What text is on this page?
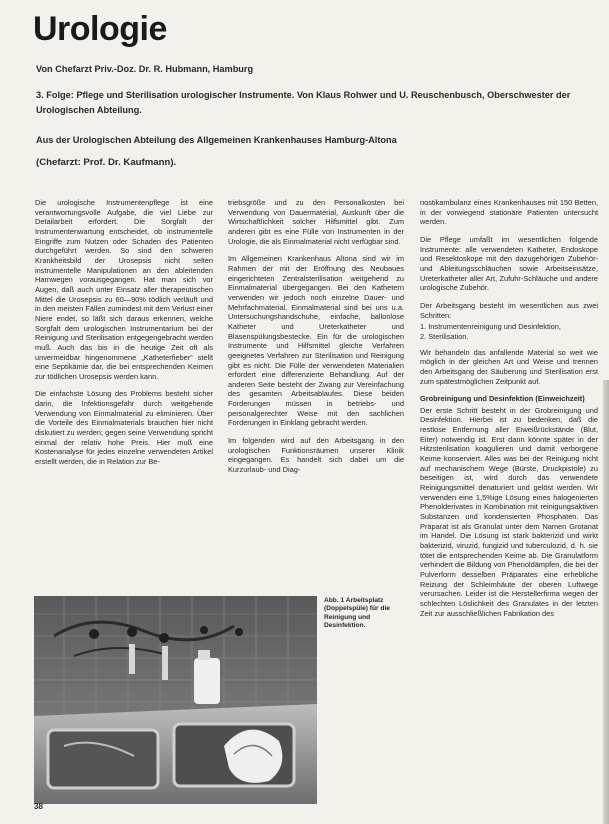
Urologie

Von Chefarzt Priv.-Doz. Dr. R. Hubmann, Hamburg

3. Folge: Pflege und Sterilisation urologischer Instrumente. Von Klaus Rohwer und U. Reuschenbusch, Oberschwester der Urologischen Abteilung.

Aus der Urologischen Abteilung des Allgemeinen Krankenhauses Hamburg-Altona

(Chefarzt: Prof. Dr. Kaufmann).

Die urologische Instrumentenpflege ist eine verantwortungsvolle Aufgabe, die viel Liebe zur Detailarbeit erfordert. Die Sorgfalt der Instrumentenwartung entscheidet, ob instrumentelle Eingriffe zum Nutzen oder Schaden des Patienten durchgeführt werden. So sind den schweren Krankheitsbild der Urosepsis nicht selten instrumentelle Manipulationen an den ableitenden Harnwegen vorausgegangen. Hat man sich vor Augen, daß auch unter Einsatz aller therapeutischen Mittel die Urosepsis zu 60—90% tödlich verläuft und in den meisten Fällen zumindest mit dem Verlust einer Niere endet, so läßt sich daraus erkennen, welche Sorgfalt dem urologischen Instrumentarium bei der Reinigung und Sterilisation entgegengebracht werden muß. Auch das bis in die heutige Zeit oft als unvermeidbar hingenommene „Katheterfieber“ stellt eine Septikämie dar, die bei entsprechenden Keimen zur tödlichen Urosepsis werden kann.

Die einfachste Lösung des Problems besteht sicher darin, die Infektionsgefahr durch weitgehende Verwendung von Einmalmaterial zu eliminieren. Über die Vorteile des Einmalmaterials brauchen hier nicht diskutiert zu werden; gegen seine Verwendung spricht einmal der relativ hohe Preis. Hier muß eine Kostenanalyse für jedes einzelne verwendeten Artikel erstellt werden, die in Relation zur Be-

triebsgröße und zu den Personalkosten bei Verwendung von Dauermaterial, Auskunft über die Wirtschaftlichkeit solcher Hilfsmittel gibt. Zum anderen gibt es eine Fülle von Instrumenten in der Urologie, die als Einmalmaterial nicht verfügbar sind.

Im Allgemeinen Krankenhaus Altona sind wir im Rahmen der mit der Eröffnung des Neubaues eingerichteten Zentralsterilisation weitgehend zu Einmalmaterial übergegangen. Bei den Kathetern verwenden wir jedoch noch einzelne Dauer- und Mehrfachmaterial. Einmalmaterial sind bei uns u.a. Untersuchungshandschuhe, einfache, ballonlose Katheter und Ureterkatheter und Blasenspülungsbestecke. Ein für die urologischen Instrumente und Hilfsmittel gleiche Verfahren geeignetes Verfahren zur Sterilisation und Reinigung gibt es nicht. Die Fülle der verwendeten Materialien erfordert eine differenzierte Behandlung. Auf der anderen Seite besteht der Zwang zur Vereinfachung des gesamten Arbeitsablaufes. Diese beiden Forderungen müssen in betriebs- und personalgerechter Weise mit den sachlichen Forderungen in Einklang gebracht werden.

Im folgenden wird auf den Arbeitsgang in den urologischen Funktionsräumen unserer Klinik eingegangen. Es handelt sich dabei um die Kurzurlaub- und Diag-

nostikambulanz eines Krankenhauses mit 150 Betten, in der vorwiegend stationäre Patienten untersucht werden.

Die Pflege umfaßt im wesentlichen folgende Instrumente: alle verwendeten Katheter, Endoskope und Resektoskope mit den dazugehörigen Zubehör- und Ableitungsschläuchen sowie Arbeitseinsätze, Ureterkatheter aller Art, Zufuhr-Schläuche und andere urologische Zubehör.

Der Arbeitsgang besteht im wesentlichen aus zwei Schritten:

1. Instrumentenreinigung und Desinfektion,
2. Sterilisation.

Wir behandeln das anfallende Material so weit wie möglich in der gleichen Art und Weise und trennen den Arbeitsgang der Säuberung und Sterilisation erst zum spätestmöglichen Zeitpunkt auf.

Grobreinigung und Desinfektion (Einweichzeit)

Der erste Schritt besteht in der Grobreinigung und Desinfektion. Hierbei ist zu bedenken, daß die restlose Entfernung aller Eiweißrückstände (Blut, Eiter) notwendig ist. Erst dann könnte später in der Hitzsterilisation koagulieren und damit verborgene Keime konserviert. Alles was bei der Reinigung nicht auf mechanischem Wege (Bürste, Druckpistole) zu beseitigen ist, wird durch das verwendete Reinigungsmittel denaturiert und gelöst werden. Wir verwenden eine 1,5%ige Lösung eines halogenierten Phenolderivates in Kombination mit reinigungsaktiven Substanzen und kondensierten Phosphaten. Das Präparat ist als Granulat unter dem Namen Grotanat im Handel. Die Lösung ist stark bakterizid und wirkt bakterizid, viruzid, fungizid und tuberculozid, d. h. sie tötet die entsprechenden Keime ab. Die Granulatform verhindert die Bildung von Phenoldämpfen, die bei der Pulverform desselben Präparates eine erhebliche Reizung der Schleimhäute der oberen Luftwege verursachen. Leider ist die Herstellerfirma wegen der schlechten Löslichkeit des Granulates in der letzten Zeit zur ausschließlichen Fabrikation des

Abb. 1 Arbeitsplatz (Doppelspüle) für die Reinigung und Desinfektion.
38
